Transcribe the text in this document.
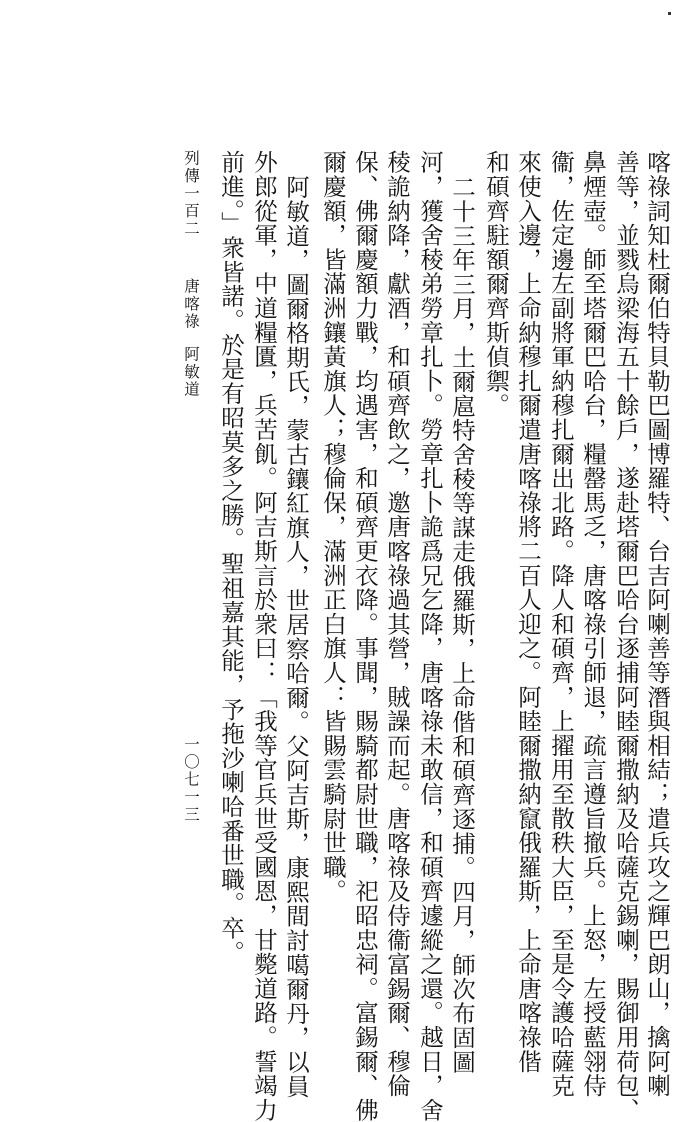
喀祿詞知杜爾伯特貝勒巴圖博羅特、台吉阿喇善等潛與相結；遣兵攻之輝巴朗山，擒阿喇
善等，並戮烏梁海五十餘戶，遂赴塔爾巴哈台逐捕阿睦爾撒納及哈薩克錫喇，賜御用荷包、
鼻煙壺。師至塔爾巴哈台，糧罄馬乏，唐喀祿引師退，疏言遵旨撤兵。上怒，左授藍翎侍
衞，佐定邊左副將軍納穆扎爾出北路。降人和碩齊，上擢用至散秩大臣，至是令護哈薩克
來使入邊，上命納穆扎爾遣唐喀祿將二百人迎之。阿睦爾撒納竄俄羅斯，上命唐喀祿偕
和碩齊駐額爾齊斯偵禦。
二十三年三月，土爾扈特舍稜等謀走俄羅斯，上命偕和碩齊逐捕。四月，師次布固圖
河，獲舍稜弟勞章扎卜。勞章扎卜詭爲兄乞降，唐喀祿未敢信，和碩齊遽縱之還。越日，舍
稜詭納降，獻酒，和碩齊飲之，邀唐喀祿過其營，賊譟而起。唐喀祿及侍衞富錫爾、穆倫
保、佛爾慶額力戰，均遇害，和碩齊更衣降。事聞，賜騎都尉世職，祀昭忠祠。富錫爾、佛
爾慶額，皆滿洲鑲黃旗人；穆倫保，滿洲正白旗人：皆賜雲騎尉世職。
阿敏道，圖爾格期氏，蒙古鑲紅旗人，世居察哈爾。父阿吉斯，康熙間討噶爾丹，以員
外郎從軍，中道糧匱，兵苦飢。阿吉斯言於衆曰：「我等官兵世受國恩，甘斃道路。誓竭力
前進。」衆皆諾。於是有昭莫多之勝。聖祖嘉其能，予拖沙喇哈番世職。卒。
列傳一百二唐喀祿阿敏道
一〇七一三
